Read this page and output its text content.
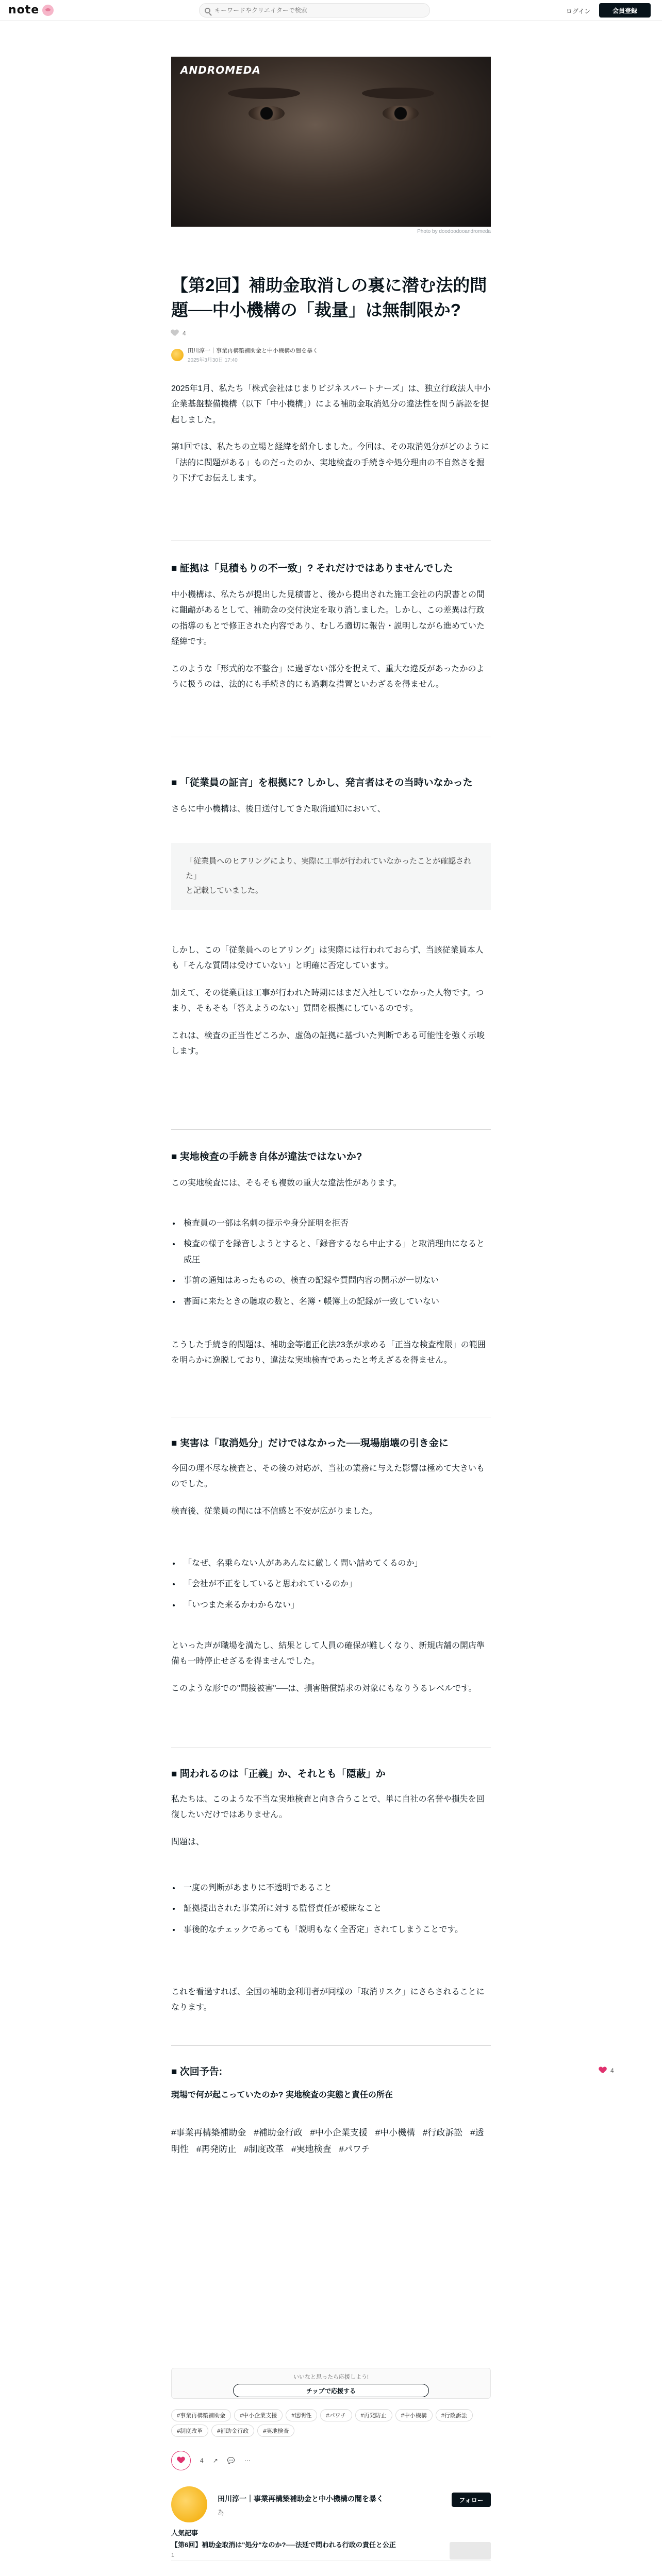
note
キーワードやクリエイターで検索	ログイン	会員登録
ANDROMEDA
Photo by doodoodooandromeda
【第2回】補助金取消しの裏に潜む法的問題──中小機構の「裁量」は無制限か?
4
田川淳一｜事業再構築補助金と中小機構の闇を暴く
2025年3月30日 17:40

2025年1月、私たち「株式会社はじまりビジネスパートナーズ」は、独立行政法人中小企業基盤整備機構（以下「中小機構」）による補助金取消処分の違法性を問う訴訟を提起しました。

第1回では、私たちの立場と経緯を紹介しました。今回は、その取消処分がどのように「法的に問題がある」ものだったのか、実地検査の手続きや処分理由の不自然さを掘り下げてお伝えします。

■ 証拠は「見積もりの不一致」? それだけではありませんでした

中小機構は、私たちが提出した見積書と、後から提出された施工会社の内訳書との間に齟齬があるとして、補助金の交付決定を取り消しました。しかし、この差異は行政の指導のもとで修正された内容であり、むしろ適切に報告・説明しながら進めていた経緯です。

このような「形式的な不整合」に過ぎない部分を捉えて、重大な違反があったかのように扱うのは、法的にも手続き的にも過剰な措置といわざるを得ません。

■ 「従業員の証言」を根拠に? しかし、発言者はその当時いなかった

さらに中小機構は、後日送付してきた取消通知において、

「従業員へのヒアリングにより、実際に工事が行われていなかったことが確認された」
と記載していました。

しかし、この「従業員へのヒアリング」は実際には行われておらず、当該従業員本人も「そんな質問は受けていない」と明確に否定しています。

加えて、その従業員は工事が行われた時期にはまだ入社していなかった人物です。つまり、そもそも「答えようのない」質問を根拠にしているのです。

これは、検査の正当性どころか、虚偽の証拠に基づいた判断である可能性を強く示唆します。

■ 実地検査の手続き自体が違法ではないか?

この実地検査には、そもそも複数の重大な違法性があります。

• 検査員の一部は名刺の提示や身分証明を拒否
• 検査の様子を録音しようとすると、「録音するなら中止する」と取消理由になると威圧
• 事前の通知はあったものの、検査の記録や質問内容の開示が一切ない
• 書面に来たときの聴取の数と、名簿・帳簿上の記録が一致していない

こうした手続き的問題は、補助金等適正化法23条が求める「正当な検査権限」の範囲を明らかに逸脱しており、違法な実地検査であったと考えざるを得ません。

■ 実害は「取消処分」だけではなかった──現場崩壊の引き金に

今回の理不尽な検査と、その後の対応が、当社の業務に与えた影響は極めて大きいものでした。

検査後、従業員の間には不信感と不安が広がりました。

• 「なぜ、名乗らない人がああんなに厳しく問い詰めてくるのか」
• 「会社が不正をしていると思われているのか」
• 「いつまた来るかわからない」

といった声が職場を満たし、結果として人員の確保が難しくなり、新規店舗の開店準備も一時停止せざるを得ませんでした。

このような形での"間接被害"──は、損害賠償請求の対象にもなりうるレベルです。

■ 問われるのは「正義」か、それとも「隠蔽」か

私たちは、このような不当な実地検査と向き合うことで、単に自社の名誉や損失を回復したいだけではありません。

問題は、

• 一度の判断があまりに不透明であること
• 証拠提出された事業所に対する監督責任が曖昧なこと
• 事後的なチェックであっても「説明もなく全否定」されてしまうことです。

これを看過すれば、全国の補助金利用者が同様の「取消リスク」にさらされることになります。

■ 次回予告:
現場で何が起こっていたのか? 実地検査の実態と責任の所在
#事業再構築補助金 #補助金行政 #中小企業支援 #中小機構 #行政訴訟 #透明性 #再発防止 #制度改革 #実地検査 #パワチ
4
いいなと思ったら応援しよう!
チップで応援する
#事業再構築補助金	#中小企業支援	#透明性	#パワチ	#再発防止	#中小機構	#行政訴訟
#制度改革	#補助金行政	#実地検査
4 ↗ 💬 ⋯
田川淳一｜事業再構築補助金と中小機構の闇を暴く
為
フォロー
人気記事
【第6回】補助金取消は"処分"なのか?──法廷で問われる行政の責任と公正
1
